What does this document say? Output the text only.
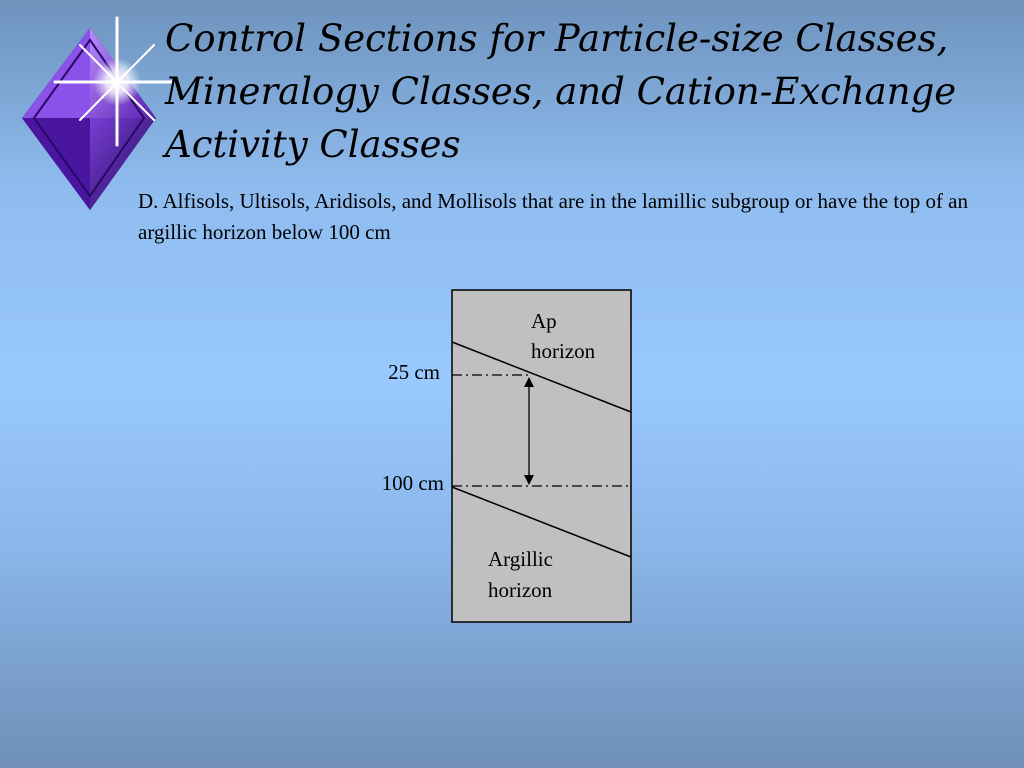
Control Sections for Particle-size Classes, Mineralogy Classes, and Cation-Exchange Activity Classes

D. Alfisols, Ultisols, Aridisols, and Mollisols that are in the lamillic subgroup or have the top of an argillic horizon below 100 cm

Ap
horizon
Argillic
horizon
25 cm
100 cm
